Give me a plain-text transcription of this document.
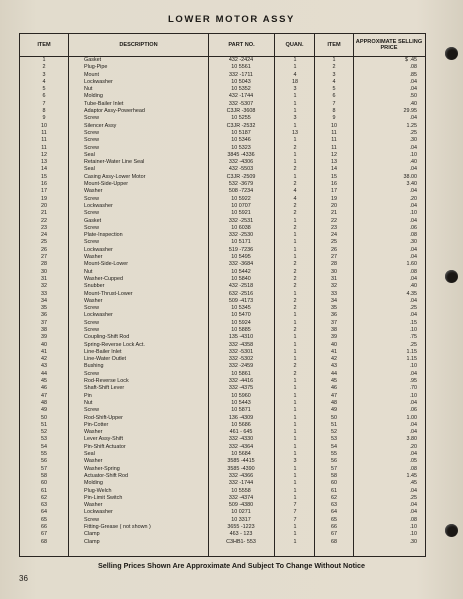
LOWER MOTOR ASSY
ITEM	DESCRIPTION	PART NO.	QUAN.	ITEM
APPROXIMATE SELLING PRICE
1	Gasket	432 -2424	1	1	$ .45
2	Plug-Pipe	10 5561	1	2	.08
3	Mount	332 -1711	4	3	.85
4	Lockwasher	10 5043	18	4	.04
5	Nut	10 5352	3	5	.04
6	Molding	432 -1744	1	6	.50
7	Tube-Bailer Inlet	332 -5307	1	7	.40
8	Adaptor Assy-Powerhead	C3JR -3608	1	8	29.95
9	Screw	10 5255	3	9	.04
10	Silencer Assy	C3JR -2532	1	10	1.25
11	Screw	10 5187	13	11	.25
11	Screw	10 5346	1	11	.30
11	Screw	10 5323	2	11	.04
12	Seal	3845 -4336	1	12	.10
13	Retainer-Water Line Seal	332 -4306	1	13	.40
14	Seal	432 -5503	2	14	.04
15	Casing Assy-Lower Motor	C3JR -2509	1	15	38.00
16	Mount-Side-Upper	532 -3679	2	16	3.40
17	Washer	508 -7234	4	17	.04
19	Screw	10 5922	4	19	.20
20	Lockwasher	10 0707	2	20	.04
21	Screw	10 5921	2	21	.10
22	Gasket	332 -2531	1	22	.04
23	Screw	10 6038	2	23	.06
24	Plate-Inspection	332 -2530	1	24	.08
25	Screw	10 5171	1	25	.30
26	Lockwasher	519 -7236	1	26	.04
27	Washer	10 5495	1	27	.04
28	Mount-Side-Lower	332 -3684	2	28	1.60
30	Nut	10 5442	2	30	.08
31	Washer-Cupped	10 5840	2	31	.04
32	Snubber	432 -2518	2	32	.40
33	Mount-Thrust-Lower	632 -2516	1	33	4.35
34	Washer	509 -4173	2	34	.04
35	Screw	10 5345	2	35	.25
36	Lockwasher	10 5470	1	36	.04
37	Screw	10 5924	1	37	.15
38	Screw	10 5885	2	38	.10
39	Coupling-Shift Rod	135 -4310	1	39	.75
40	Spring-Reverse Lock Act.	332 -4358	1	40	.25
41	Line-Bailer Inlet	332 -5301	1	41	1.15
42	Line-Water Outlet	332 -5302	1	42	1.15
43	Bushing	332 -2459	2	43	.10
44	Screw	10 5861	2	44	.04
45	Rod-Reverse Lock	332 -4416	1	45	.95
46	Shaft-Shift Lever	332 -4375	1	46	.70
47	Pin	10 5960	1	47	.10
48	Nut	10 5443	1	48	.04
49	Screw	10 5871	1	49	.06
50	Rod-Shift-Upper	136 -4309	1	50	1.00
51	Pin-Cotter	10 5686	1	51	.04
52	Washer	461 - 645	1	52	.04
53	Lever Assy-Shift	332 -4330	1	53	3.80
54	Pin-Shift Actuator	332 -4364	1	54	.20
55	Seal	10 5684	1	55	.04
56	Washer	3585 -4415	3	56	.05
57	Washer-Spring	3585 -4390	1	57	.08
58	Actuator-Shift Rod	332 -4366	1	58	1.45
60	Molding	332 -1744	1	60	.45
61	Plug-Welch	10 5558	1	61	.04
62	Pin-Limit Switch	332 -4374	1	62	.25
63	Washer	509 -4380	7	63	.04
64	Lockwasher	10 0271	7	64	.04
65	Screw	10 3317	7	65	.08
66	Fitting-Grease ( not shown )	3655 -1223	1	66	.10
67	Clamp	463 - 123	1	67	.10
68	Clamp	C3HB1- 553	1	68	.30
Selling Prices Shown Are Approximate And Subject To Change Without Notice
36
